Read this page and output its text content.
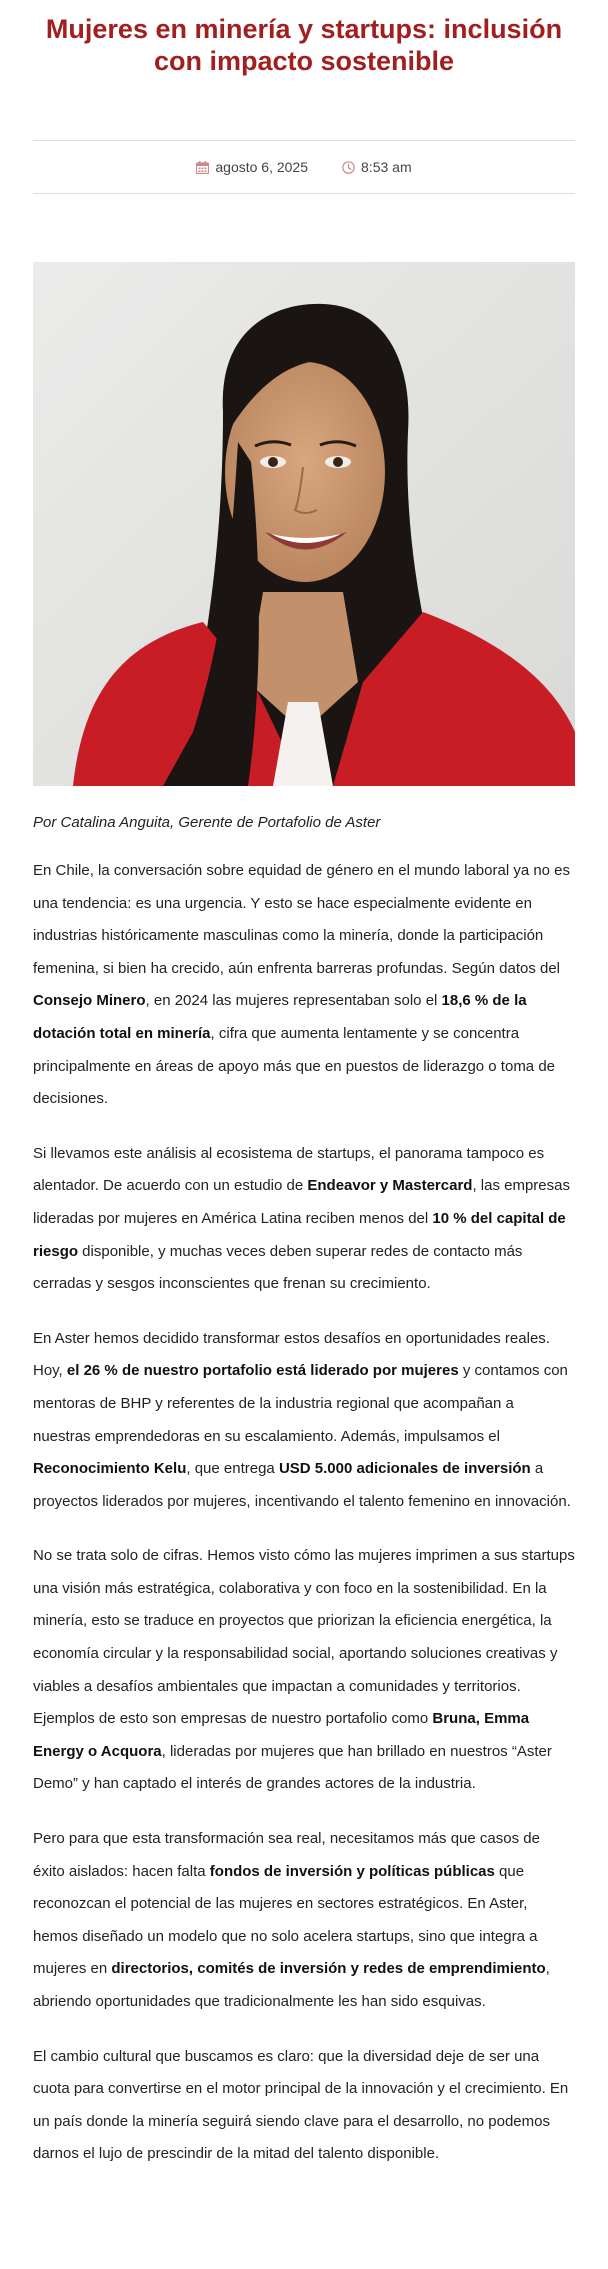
Mujeres en minería y startups: inclusión con impacto sostenible
agosto 6, 2025	8:53 am

Por Catalina Anguita, Gerente de Portafolio de Aster

En Chile, la conversación sobre equidad de género en el mundo laboral ya no es una tendencia: es una urgencia. Y esto se hace especialmente evidente en industrias históricamente masculinas como la minería, donde la participación femenina, si bien ha crecido, aún enfrenta barreras profundas. Según datos del Consejo Minero, en 2024 las mujeres representaban solo el 18,6 % de la dotación total en minería, cifra que aumenta lentamente y se concentra principalmente en áreas de apoyo más que en puestos de liderazgo o toma de decisiones.

Si llevamos este análisis al ecosistema de startups, el panorama tampoco es alentador. De acuerdo con un estudio de Endeavor y Mastercard, las empresas lideradas por mujeres en América Latina reciben menos del 10 % del capital de riesgo disponible, y muchas veces deben superar redes de contacto más cerradas y sesgos inconscientes que frenan su crecimiento.

En Aster hemos decidido transformar estos desafíos en oportunidades reales. Hoy, el 26 % de nuestro portafolio está liderado por mujeres y contamos con mentoras de BHP y referentes de la industria regional que acompañan a nuestras emprendedoras en su escalamiento. Además, impulsamos el Reconocimiento Kelu, que entrega USD 5.000 adicionales de inversión a proyectos liderados por mujeres, incentivando el talento femenino en innovación.

No se trata solo de cifras. Hemos visto cómo las mujeres imprimen a sus startups una visión más estratégica, colaborativa y con foco en la sostenibilidad. En la minería, esto se traduce en proyectos que priorizan la eficiencia energética, la economía circular y la responsabilidad social, aportando soluciones creativas y viables a desafíos ambientales que impactan a comunidades y territorios. Ejemplos de esto son empresas de nuestro portafolio como Bruna, Emma Energy o Acquora, lideradas por mujeres que han brillado en nuestros “Aster Demo” y han captado el interés de grandes actores de la industria.

Pero para que esta transformación sea real, necesitamos más que casos de éxito aislados: hacen falta fondos de inversión y políticas públicas que reconozcan el potencial de las mujeres en sectores estratégicos. En Aster, hemos diseñado un modelo que no solo acelera startups, sino que integra a mujeres en directorios, comités de inversión y redes de emprendimiento, abriendo oportunidades que tradicionalmente les han sido esquivas.

El cambio cultural que buscamos es claro: que la diversidad deje de ser una cuota para convertirse en el motor principal de la innovación y el crecimiento. En un país donde la minería seguirá siendo clave para el desarrollo, no podemos darnos el lujo de prescindir de la mitad del talento disponible.
